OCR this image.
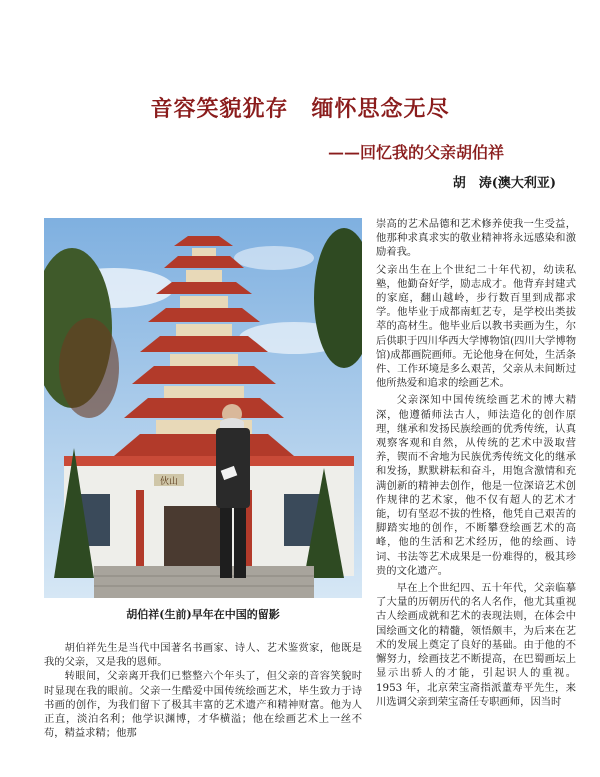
音容笑貌犹存　缅怀思念无尽
——回忆我的父亲胡伯祥
胡　涛(澳大利亚)
伙山
胡伯祥(生前)早年在中国的留影

崇高的艺术品德和艺术修养使我一生受益，他那种求真求实的敬业精神将永远感染和激励着我。

父亲出生在上个世纪二十年代初，幼读私塾，他勤奋好学，励志成才。他背弃封建式的家庭，翻山越岭，步行数百里到成都求学。他毕业于成都南虹艺专，是学校出类拔萃的高材生。他毕业后以教书卖画为生，尔后供职于四川华西大学博物馆(四川大学博物馆)成都画院画师。无论他身在何处，生活条件、工作环境是多么艰苦，父亲从未间断过他所热爱和追求的绘画艺术。

父亲深知中国传统绘画艺术的博大精深，他遵循师法古人，师法造化的创作原理，继承和发扬民族绘画的优秀传统，认真观察客观和自然，从传统的艺术中汲取营养，锲而不舍地为民族优秀传统文化的继承和发扬，默默耕耘和奋斗，用饱含激情和充满创新的精神去创作，他是一位深谙艺术创作规律的艺术家，他不仅有超人的艺术才能，切有坚忍不拔的性格，他凭自己艰苦的脚踏实地的创作，不断攀登绘画艺术的高峰，他的生活和艺术经历，他的绘画、诗词、书法等艺术成果是一份难得的，极其珍贵的文化遗产。

早在上个世纪四、五十年代，父亲临摹了大量的历朝历代的名人名作，他尤其重视古人绘画成就和艺术的表现法则，在体会中国绘画文化的精髓，领悟颇丰，为后来在艺术的发展上奠定了良好的基础。由于他的不懈努力，绘画技艺不断提高，在巴蜀画坛上显示出骄人的才能，引起识人的重视。1953 年，北京荣宝斋指派董寿平先生，来川选调父亲到荣宝斋任专职画师，因当时

胡伯祥先生是当代中国著名书画家、诗人、艺术鉴赏家，他既是我的父亲，又是我的恩师。

转眼间，父亲离开我们已整整六个年头了，但父亲的音容笑貌时时显现在我的眼前。父亲一生酷爱中国传统绘画艺术，毕生致力于诗书画的创作，为我们留下了极其丰富的艺术遗产和精神财富。他为人正直，淡泊名利；他学识渊博，才华横溢；他在绘画艺术上一丝不苟，精益求精；他那
